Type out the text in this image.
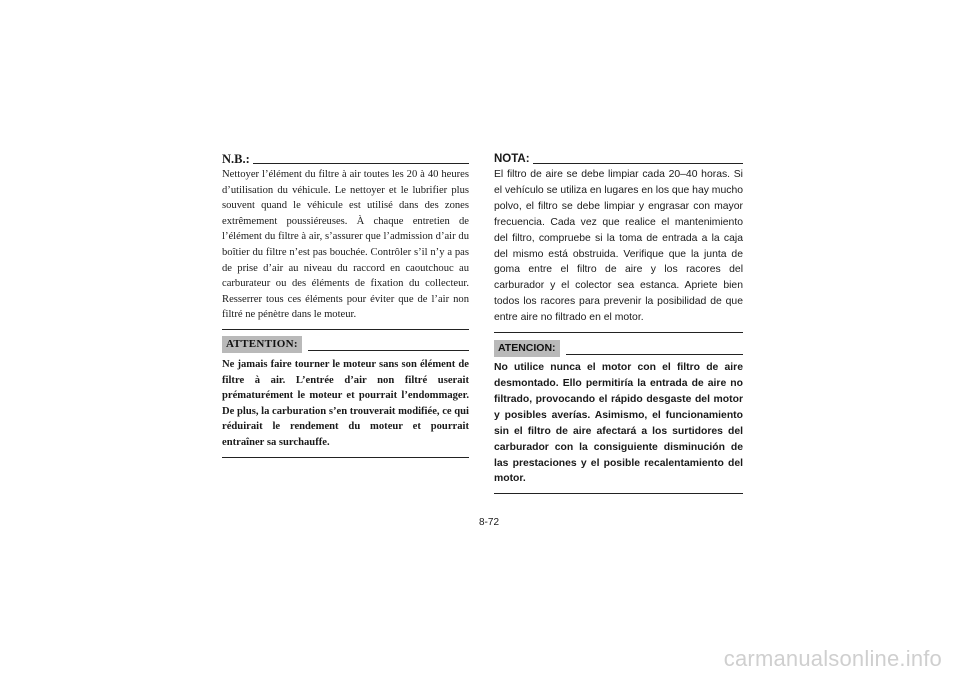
N.B.:

Nettoyer l’élément du filtre à air toutes les 20 à 40 heures d’utilisation du véhicule. Le nettoyer et le lubrifier plus souvent quand le véhicule est utilisé dans des zones extrêmement poussiéreuses. À chaque entretien de l’élément du filtre à air, s’assurer que l’admission d’air du boîtier du filtre n’est pas bouchée. Contrôler s’il n’y a pas de prise d’air au niveau du raccord en caoutchouc au carburateur ou des éléments de fixation du collecteur. Resserrer tous ces éléments pour éviter que de l’air non filtré ne pénètre dans le moteur.

ATTENTION:

Ne jamais faire tourner le moteur sans son élément de filtre à air. L’entrée d’air non filtré userait prématurément le moteur et pourrait l’endommager. De plus, la carburation s’en trouverait modifiée, ce qui réduirait le rendement du moteur et pourrait entraîner sa surchauffe.

NOTA:

El filtro de aire se debe limpiar cada 20–40 horas. Si el vehículo se utiliza en lugares en los que hay mucho polvo, el filtro se debe limpiar y engrasar con mayor frecuencia. Cada vez que realice el mantenimiento del filtro, compruebe si la toma de entrada a la caja del mismo está obstruida. Verifique que la junta de goma entre el filtro de aire y los racores del carburador y el colector sea estanca. Apriete bien todos los racores para prevenir la posibilidad de que entre aire no filtrado en el motor.

ATENCION:

No utilice nunca el motor con el filtro de aire desmontado. Ello permitiría la entrada de aire no filtrado, provocando el rápido desgaste del motor y posibles averías. Asimismo, el funcionamiento sin el filtro de aire afectará a los surtidores del carburador con la consiguiente disminución de las prestaciones y el posible recalentamiento del motor.

8-72
carmanualsonline.info
